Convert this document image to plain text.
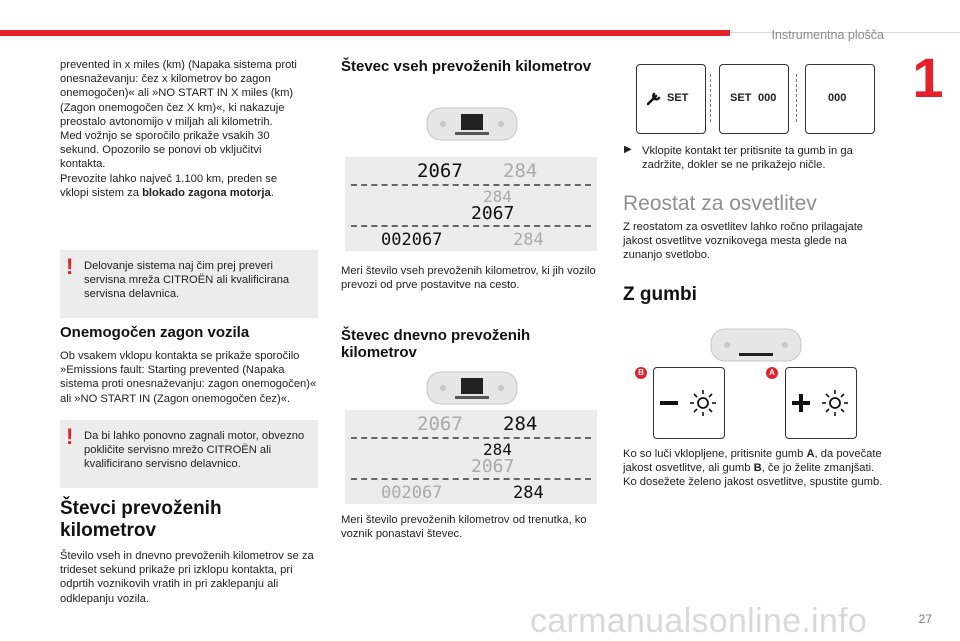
Instrumentna plošča
1

prevented in x miles (km) (Napaka sistema proti
onesnaževanju: čez x kilometrov bo zagon
onemogočen)« ali »NO START IN X miles (km)
(Zagon onemogočen čez X km)«, ki nakazuje
preostalo avtonomijo v miljah ali kilometrih.
Med vožnjo se sporočilo prikaže vsakih 30
sekund. Opozorilo se ponovi ob vključitvi
kontakta.
Prevozite lahko največ 1.100 km, preden se
vklopi sistem za blokado zagona motorja.

! Delovanje sistema naj čim prej preveri servisna mreža CITROËN ali kvalificirana servisna delavnica.

Onemogočen zagon vozila

Ob vsakem vklopu kontakta se prikaže sporočilo »Emissions fault: Starting prevented (Napaka sistema proti onesnaževanju: zagon onemogočen)« ali »NO START IN (Zagon onemogočen čez)«.

! Da bi lahko ponovno zagnali motor, obvezno pokličite servisno mrežo CITROËN ali kvalificirano servisno delavnico.

Števci prevoženih kilometrov

Število vseh in dnevno prevoženih kilometrov se za trideset sekund prikaže pri izklopu kontakta, pri odprtih voznikovih vratih in pri zaklepanju ali odklepanju vozila.

Števec vseh prevoženih kilometrov

2067 284
284
2067
002067	284

Meri število vseh prevoženih kilometrov, ki jih vozilo prevozi od prve postavitve na cesto.

Števec dnevno prevoženih kilometrov

2067 284
284
2067
002067	284

Meri število prevoženih kilometrov od trenutka, ko voznik ponastavi števec.

SET	SET 000	000
▶ Vklopite kontakt ter pritisnite ta gumb in ga zadržite, dokler se ne prikažejo ničle.

Reostat za osvetlitev

Z reostatom za osvetlitev lahko ročno prilagajate jakost osvetlitve voznikovega mesta glede na zunanjo svetlobo.

Z gumbi
B	A

Ko so luči vklopljene, pritisnite gumb A, da povečate jakost osvetlitve, ali gumb B, če jo želite zmanjšati.
Ko dosežete želeno jakost osvetlitve, spustite gumb.

carmanualsonline.info	27
